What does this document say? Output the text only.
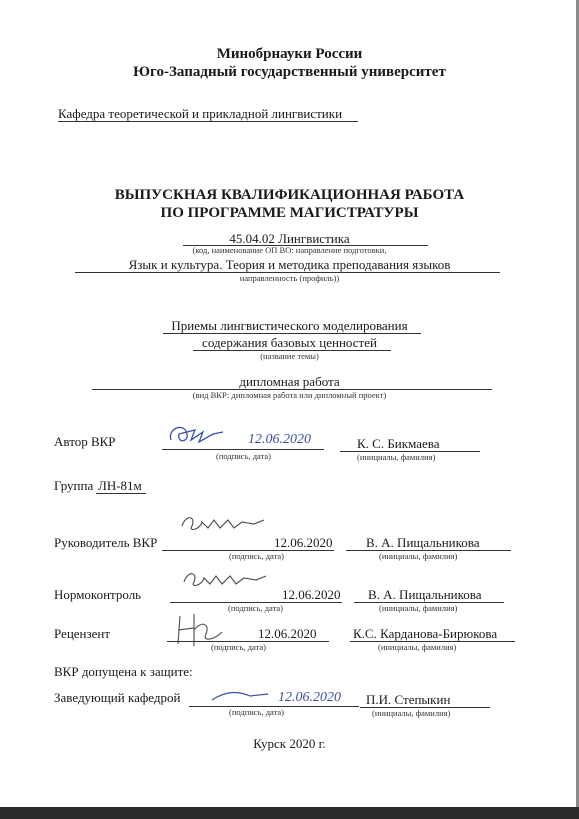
Минобрнауки России
Юго-Западный государственный университет
Кафедра теоретической и прикладной лингвистики
ВЫПУСКНАЯ КВАЛИФИКАЦИОННАЯ РАБОТА
ПО ПРОГРАММЕ МАГИСТРАТУРЫ
45.04.02 Лингвистика
(код, наименование ОП ВО: направление подготовки,
Язык и культура. Теория и методика преподавания языков
направленность (профиль))
Приемы лингвистического моделирования
содержания базовых ценностей
(название темы)
дипломная работа
(вид ВКР: дипломная работа или дипломный проект)
Автор ВКР	12.06.2020
(подпись, дата)
К. С. Бикмаева
(инициалы, фамилия)
Группа ЛН-81м
Руководитель ВКР	12.06.2020
(подпись, дата)
В. А. Пищальникова
(инициалы, фамилия)
Нормоконтроль	12.06.2020
(подпись, дата)
В. А. Пищальникова
(инициалы, фамилия)
Рецензент	12.06.2020
(подпись, дата)
К.С. Карданова-Бирюкова
(инициалы, фамилия)
ВКР допущена к защите:
Заведующий кафедрой	12.06.2020
(подпись, дата)
П.И. Степыкин
(инициалы, фамилия)
Курск 2020 г.
